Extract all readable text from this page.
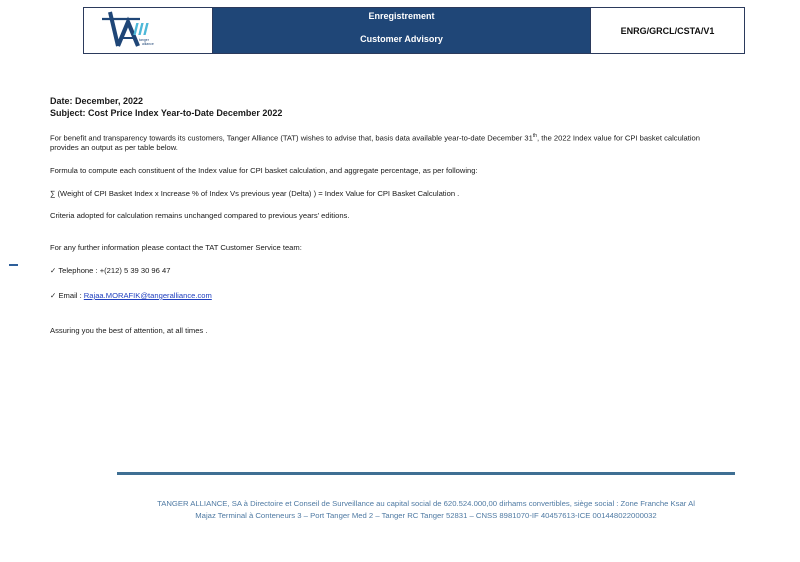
tanger
alliance
Enregistrement
Customer Advisory
ENRG/GRCL/CSTA/V1
Date: December, 2022
Subject: Cost Price Index Year-to-Date December 2022
For benefit and transparency towards its customers, Tanger Alliance (TAT) wishes to advise that, basis data available year-to-date December 31th, the 2022 Index value for CPI basket calculation
provides an output as per table below.
Formula to compute each constituent of the Index value for CPI basket calculation, and aggregate percentage, as per following:
∑ (Weight of CPI Basket Index x Increase % of Index Vs previous year (Delta) ) = Index Value for CPI Basket Calculation .
Criteria adopted for calculation remains unchanged compared to previous years' editions.
For any further information please contact the TAT Customer Service team:
✓ Telephone : +(212) 5 39 30 96 47
✓ Email : Rajaa.MORAFIK@tangeralliance.com
Assuring you the best of attention, at all times .
TANGER ALLIANCE, SA à Directoire et Conseil de Surveillance au capital social de 620.524.000,00 dirhams convertibles, siège social : Zone Franche Ksar Al
Majaz Terminal à Conteneurs 3 – Port Tanger Med 2 – Tanger RC Tanger 52831 – CNSS 8981070-IF 40457613-ICE 001448022000032
